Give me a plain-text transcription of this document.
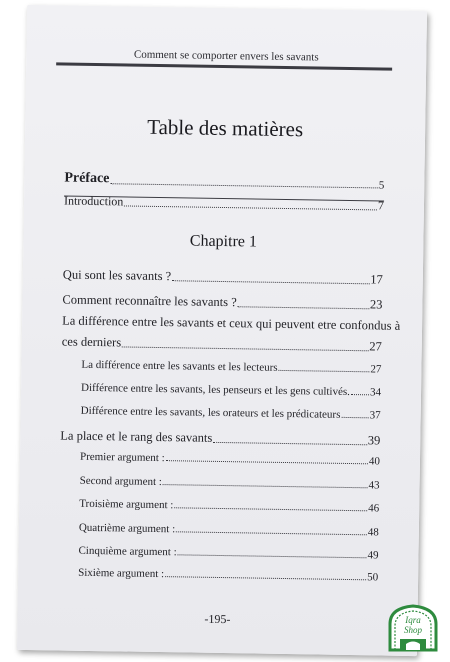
Comment se comporter envers les savants
Table des matières
Préface	5
Introduction	7
Chapitre 1
Qui sont les savants ?	17
Comment reconnaître les savants ?	23
La différence entre les savants et ceux qui peuvent etre confondus à
ces derniers	27
La différence entre les savants et les lecteurs	27
Différence entre les savants, les penseurs et les gens cultivés. 34
Différence entre les savants, les orateurs et les prédicateurs	37
La place et le rang des savants	39
Premier argument :	40
Second argument :	43
Troisième argument :	46
Quatrième argument :	48
Cinquième argument :	49
Sixième argument :	50
-195-	Iqra
Shop
